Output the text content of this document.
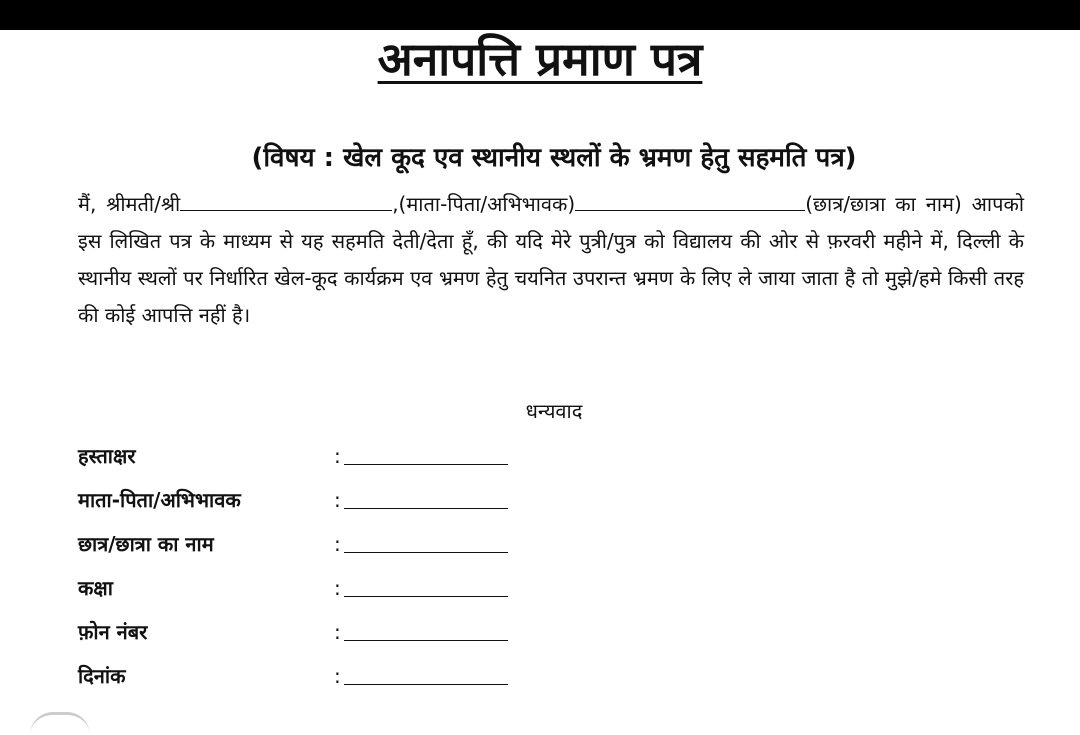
अनापत्ति प्रमाण पत्र
(विषय : खेल कूद एव स्थानीय स्थलों के भ्रमण हेतु सहमति पत्र)
मैं, श्रीमती/श्री	,(माता-पिता/अभिभावक)	(छात्र/छात्रा का नाम) आपको इस लिखित पत्र के माध्यम से यह सहमति देती/देता हूँ, की यदि मेरे पुत्री/पुत्र को विद्यालय की ओर से फ़रवरी महीने में, दिल्ली के स्थानीय स्थलों पर निर्धारित खेल-कूद कार्यक्रम एव भ्रमण हेतु चयनित उपरान्त भ्रमण के लिए ले जाया जाता है तो मुझे/हमे किसी तरह की कोई आपत्ति नहीं है।
धन्यवाद
हस्ताक्षर	:
माता-पिता/अभिभावक	:
छात्र/छात्रा का नाम	:
कक्षा	:
फ़ोन नंबर	:
दिनांक	:
